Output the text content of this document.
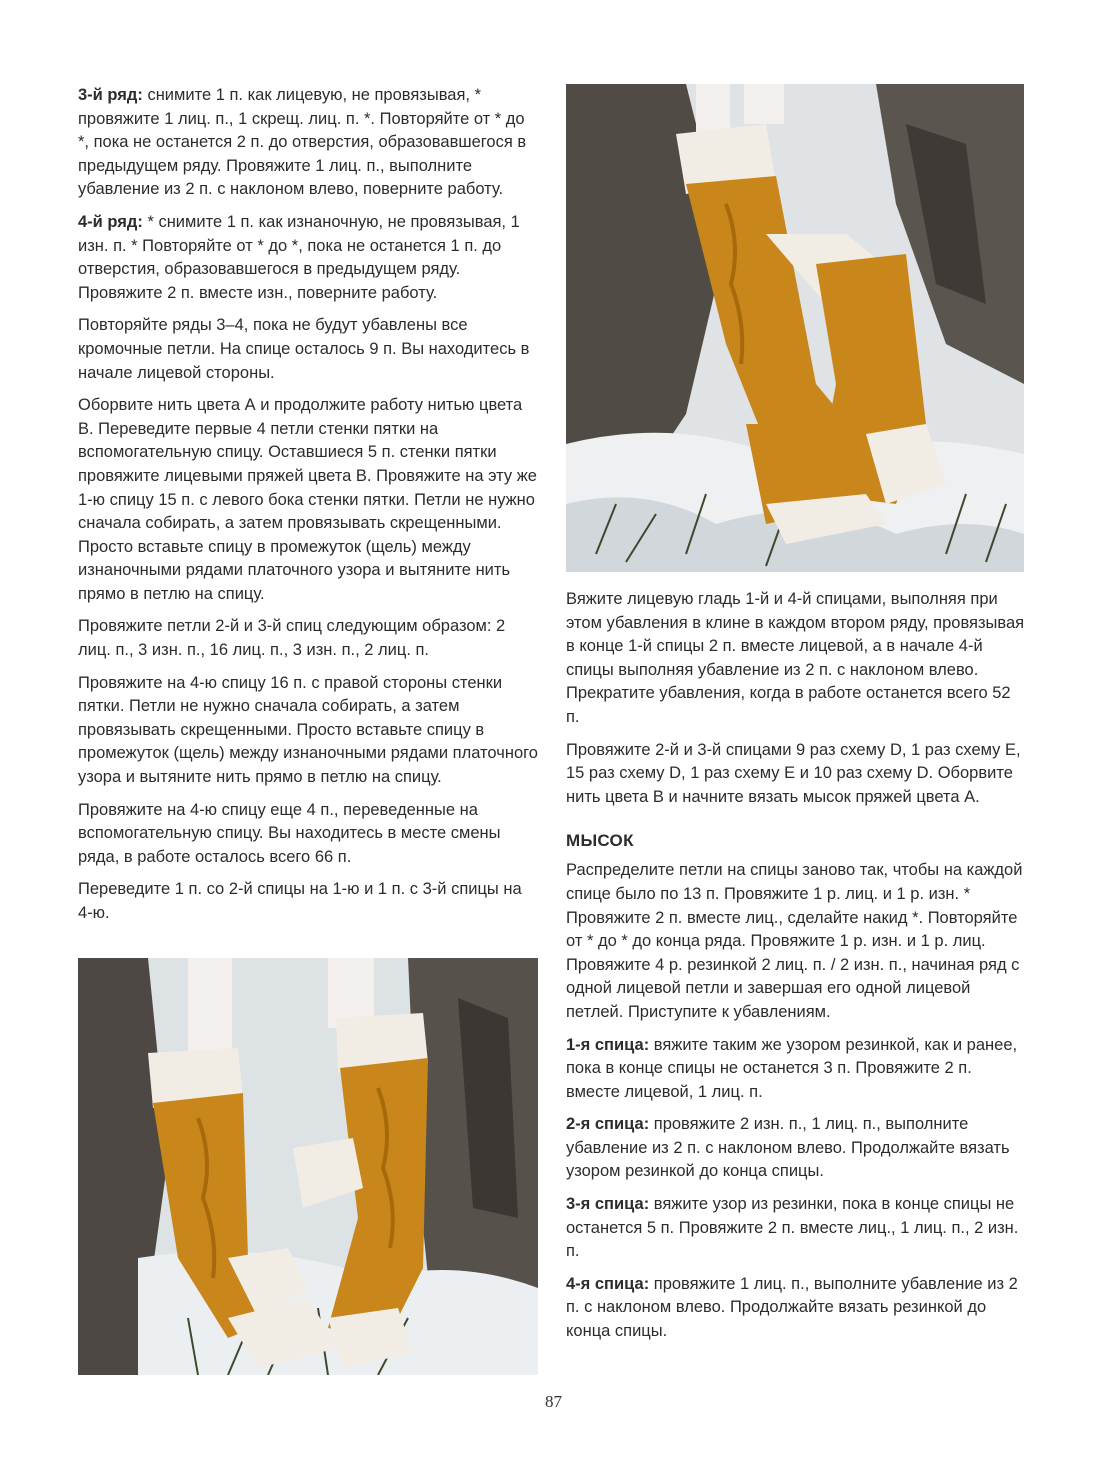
3-й ряд: снимите 1 п. как лицевую, не провязывая, * провяжите 1 лиц. п., 1 скрещ. лиц. п. *. Повторяйте от * до *, пока не останется 2 п. до отверстия, образовавшегося в предыдущем ряду. Провяжите 1 лиц. п., выполните убавление из 2 п. с наклоном влево, поверните работу.

4-й ряд: * снимите 1 п. как изнаночную, не провязывая, 1 изн. п. * Повторяйте от * до *, пока не останется 1 п. до отверстия, образовавшегося в предыдущем ряду. Провяжите 2 п. вместе изн., поверните работу.

Повторяйте ряды 3–4, пока не будут убавлены все кромочные петли. На спице осталось 9 п. Вы находитесь в начале лицевой стороны.

Оборвите нить цвета А и продолжите работу нитью цвета В. Переведите первые 4 петли стенки пятки на вспомогательную спицу. Оставшиеся 5 п. стенки пятки провяжите лицевыми пряжей цвета В. Провяжите на эту же 1-ю спицу 15 п. с левого бока стенки пятки. Петли не нужно сначала собирать, а затем провязывать скрещенными. Просто вставьте спицу в промежуток (щель) между изнаночными рядами платочного узора и вытяните нить прямо в петлю на спицу.

Провяжите петли 2-й и 3-й спиц следующим образом: 2 лиц. п., 3 изн. п., 16 лиц. п., 3 изн. п., 2 лиц. п.

Провяжите на 4-ю спицу 16 п. с правой стороны стенки пятки. Петли не нужно сначала собирать, а затем провязывать скрещенными. Просто вставьте спицу в промежуток (щель) между изнаночными рядами платочного узора и вытяните нить прямо в петлю на спицу.

Провяжите на 4-ю спицу еще 4 п., переведенные на вспомогательную спицу. Вы находитесь в месте смены ряда, в работе осталось всего 66 п.

Переведите 1 п. со 2-й спицы на 1-ю и 1 п. с 3-й спицы на 4-ю.

Вяжите лицевую гладь 1-й и 4-й спицами, выполняя при этом убавления в клине в каждом втором ряду, провязывая в конце 1-й спицы 2 п. вместе лицевой, а в начале 4-й спицы выполняя убавление из 2 п. с наклоном влево. Прекратите убавления, когда в работе останется всего 52 п.

Провяжите 2-й и 3-й спицами 9 раз схему D, 1 раз схему E, 15 раз схему D, 1 раз схему E и 10 раз схему D. Оборвите нить цвета В и начните вязать мысок пряжей цвета А.

МЫСОК

Распределите петли на спицы заново так, чтобы на каждой спице было по 13 п. Провяжите 1 р. лиц. и 1 р. изн. * Провяжите 2 п. вместе лиц., сделайте накид *. Повторяйте от * до * до конца ряда. Провяжите 1 р. изн. и 1 р. лиц. Провяжите 4 р. резинкой 2 лиц. п. / 2 изн. п., начиная ряд с одной лицевой петли и завершая его одной лицевой петлей. Приступите к убавлениям.

1-я спица: вяжите таким же узором резинкой, как и ранее, пока в конце спицы не останется 3 п. Провяжите 2 п. вместе лицевой, 1 лиц. п.

2-я спица: провяжите 2 изн. п., 1 лиц. п., выполните убавление из 2 п. с наклоном влево. Продолжайте вязать узором резинкой до конца спицы.

3-я спица: вяжите узор из резинки, пока в конце спицы не останется 5 п. Провяжите 2 п. вместе лиц., 1 лиц. п., 2 изн. п.

4-я спица: провяжите 1 лиц. п., выполните убавление из 2 п. с наклоном влево. Продолжайте вязать резинкой до конца спицы.

87
